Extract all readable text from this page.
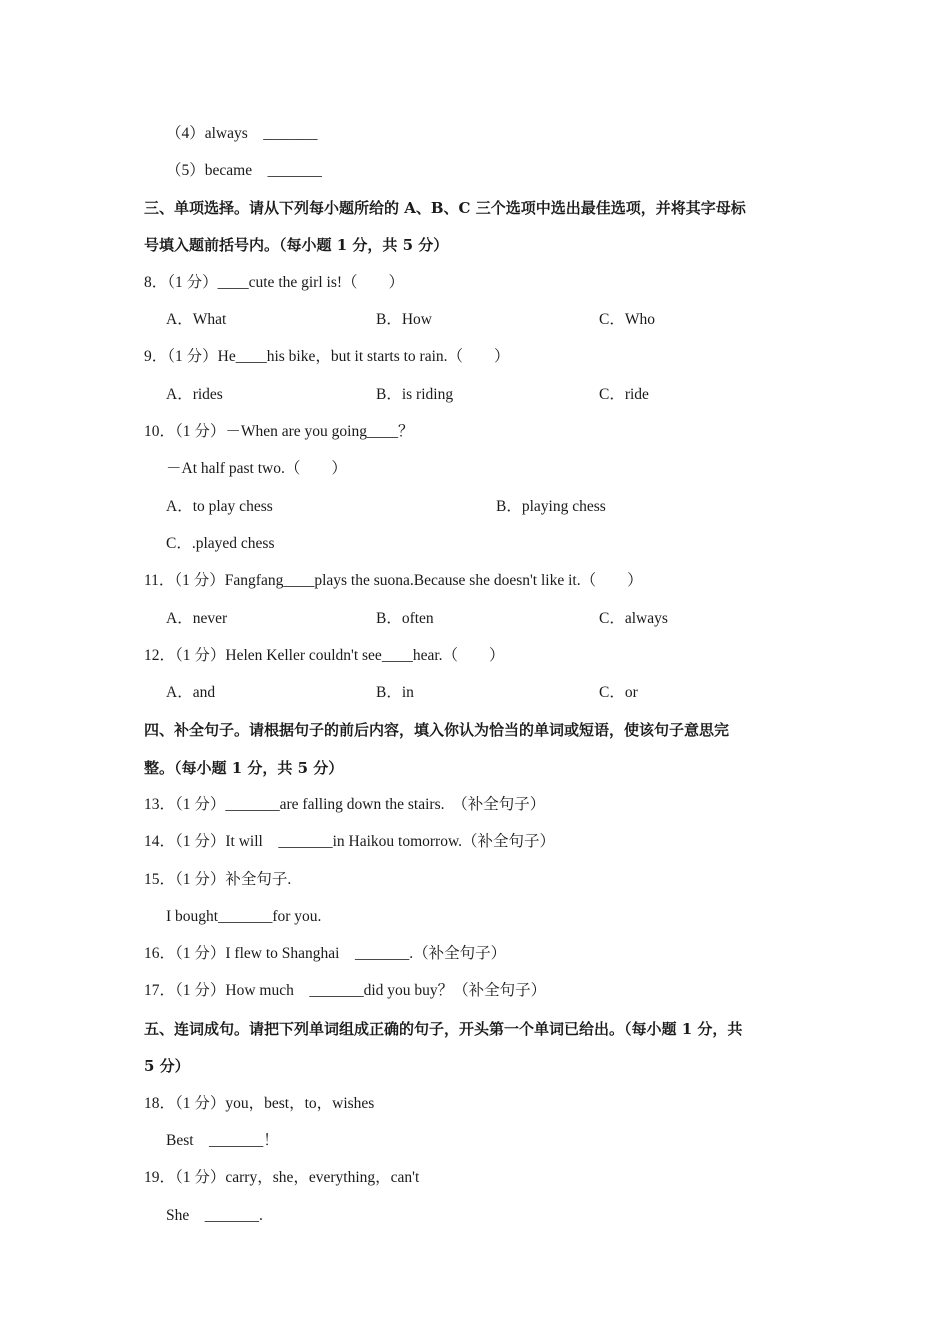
（4）always　_______
（5）became　_______
三、单项选择。请从下列每小题所给的 A、B、C 三个选项中选出最佳选项，并将其字母标
号填入题前括号内。（每小题 1 分，共 5 分）
8．（1 分）____cute the girl is!（　　）
A．What	B．How	C．Who
9．（1 分）He____his bike，but it starts to rain.（　　）
A．rides	B．is riding	C．ride
10．（1 分）－When are you going____？
－At half past two.（　　）
A．to play chess	B．playing chess
C．.played chess
11．（1 分）Fangfang____plays the suona.Because she doesn't like it.（　　）
A．never	B．often	C．always
12．（1 分）Helen Keller couldn't see____hear.（　　）
A．and	B．in	C．or
四、补全句子。请根据句子的前后内容，填入你认为恰当的单词或短语，使该句子意思完
整。（每小题 1 分，共 5 分）
13．（1 分）_______are falling down the stairs.　（补全句子）
14．（1 分）It will　_______in Haikou tomorrow.（补全句子）
15．（1 分）补全句子.
I bought_______for you.
16．（1 分）I flew to Shanghai　_______.（补全句子）
17．（1 分）How much　_______did you buy？（补全句子）
五、连词成句。请把下列单词组成正确的句子，开头第一个单词已给出。（每小题 1 分，共
5 分）
18．（1 分）you，best，to，wishes
Best　_______！
19．（1 分）carry，she，everything，can't
She　_______.
